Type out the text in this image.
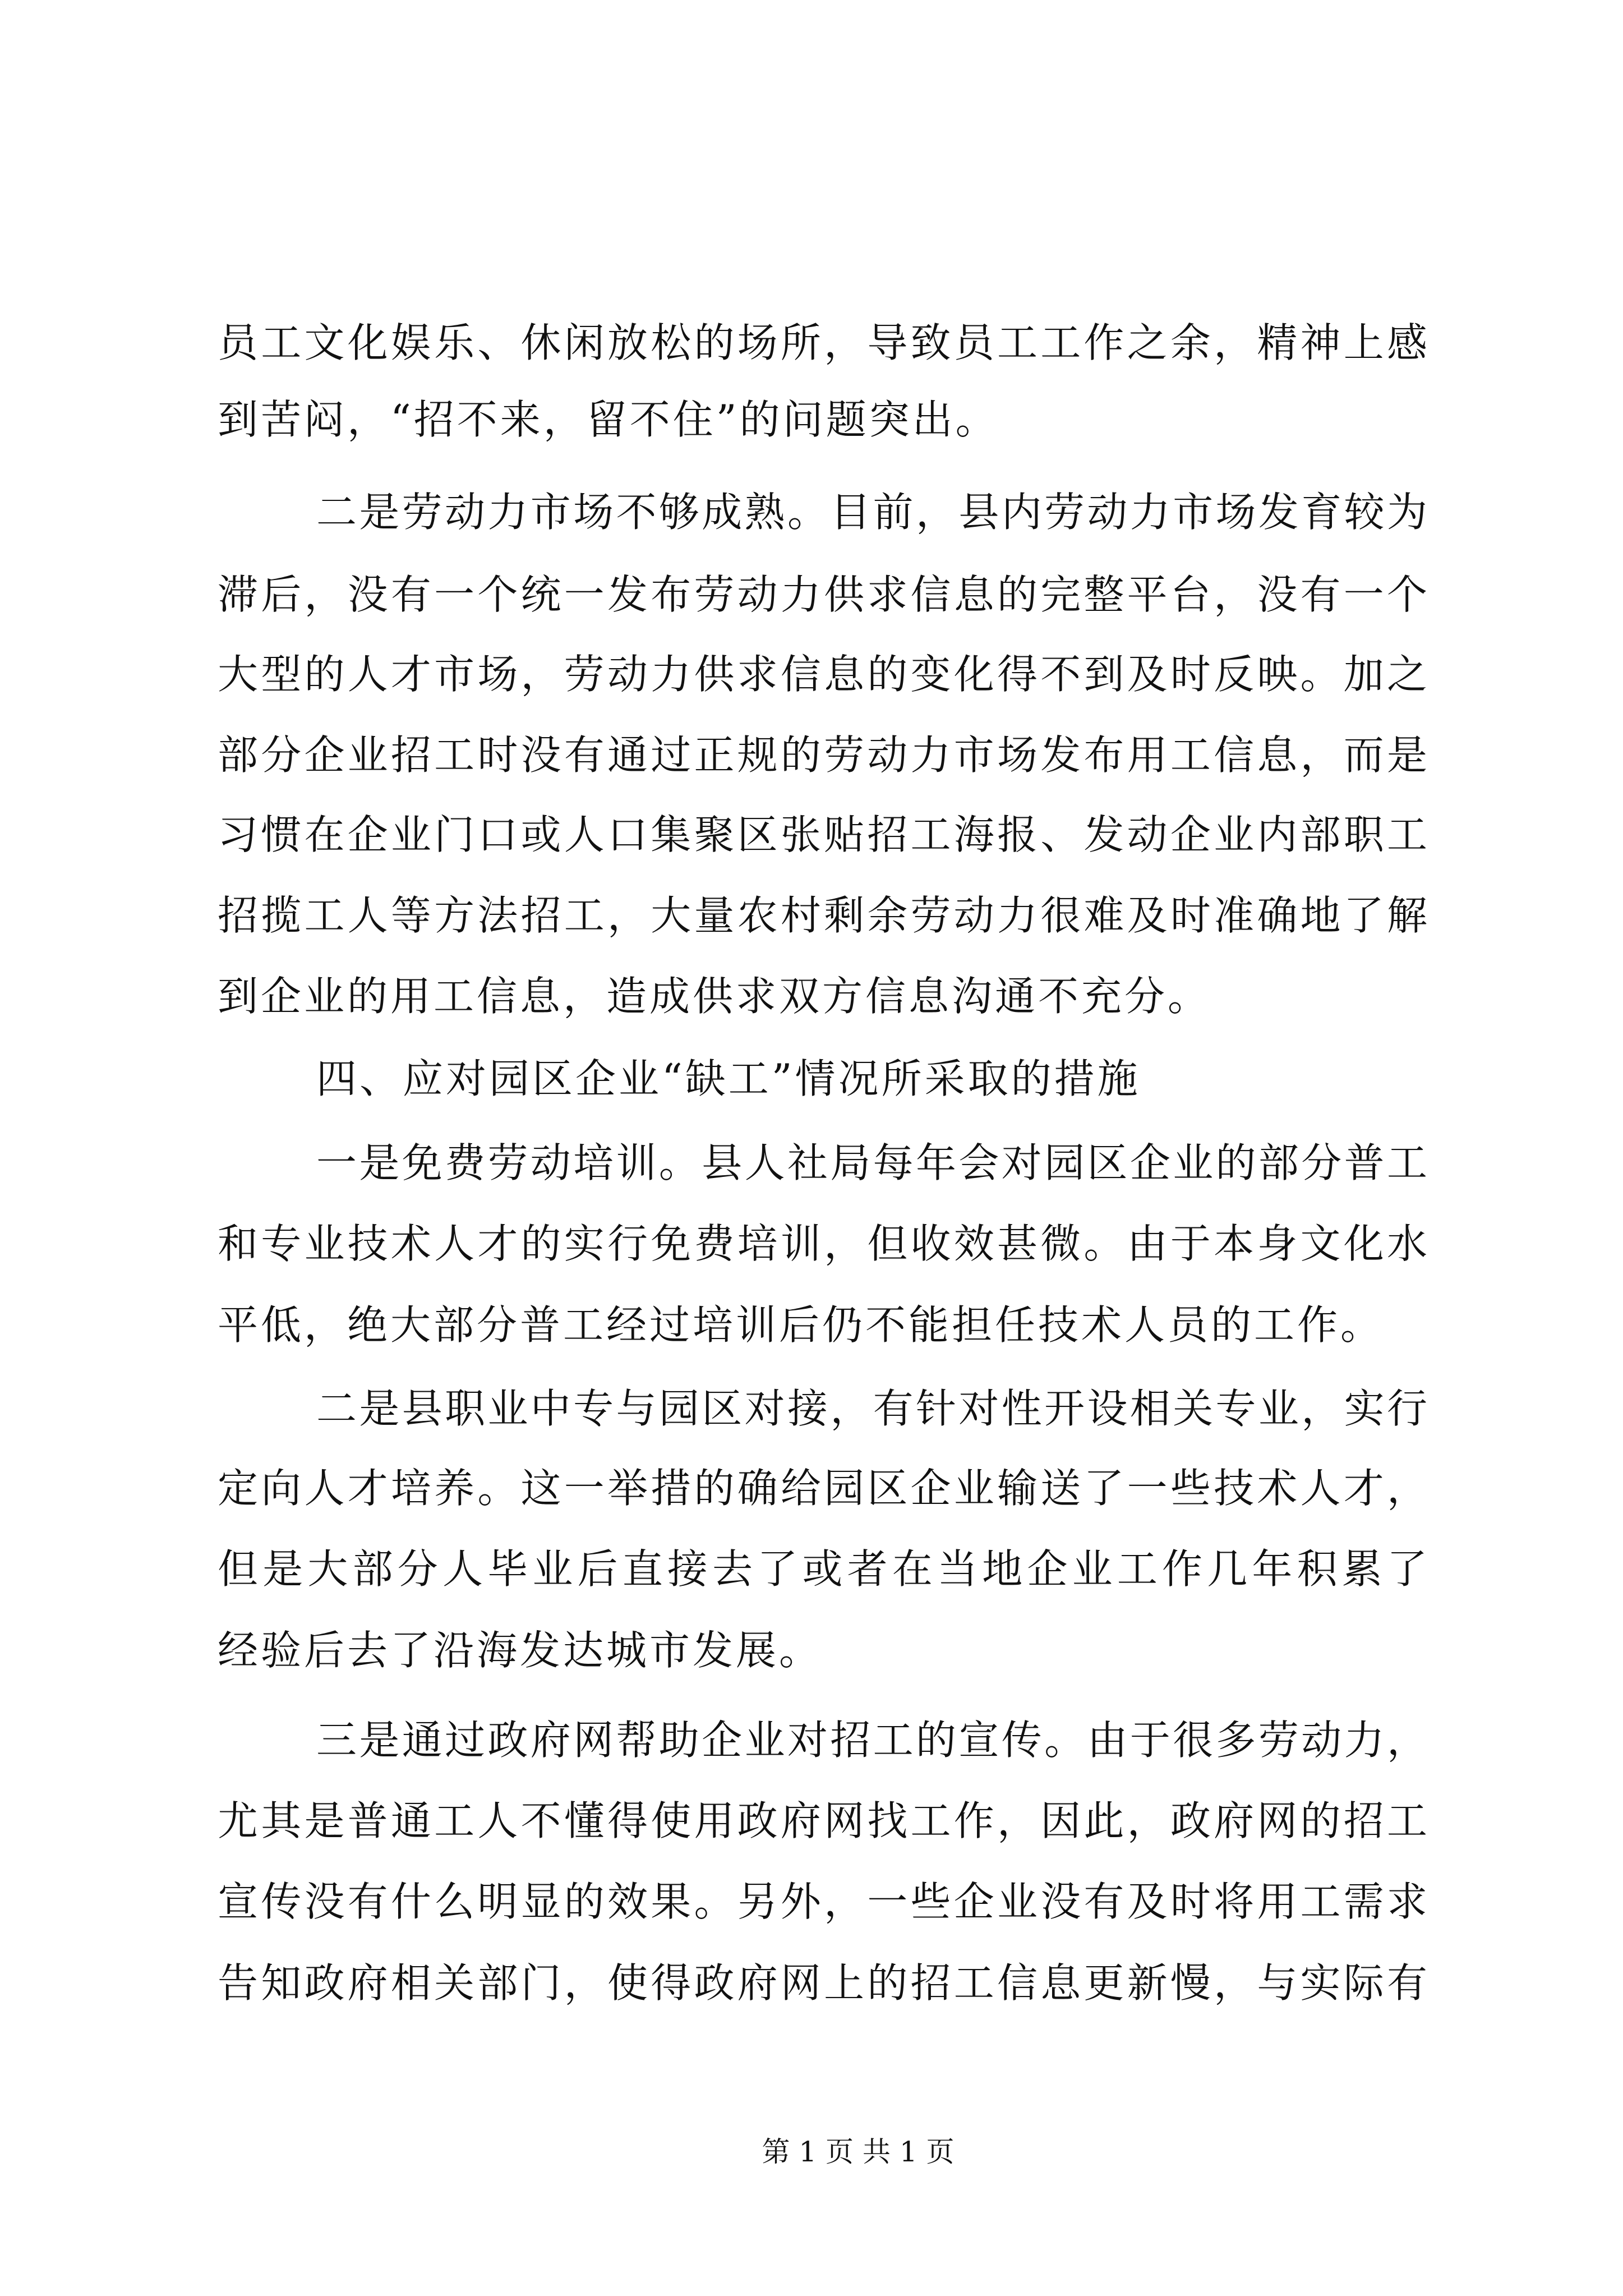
员工文化娱乐、休闲放松的场所，导致员工工作之余，精神上感
到苦闷，“招不来，留不住”的问题突出。
二是劳动力市场不够成熟。目前，县内劳动力市场发育较为
滞后，没有一个统一发布劳动力供求信息的完整平台，没有一个
大型的人才市场，劳动力供求信息的变化得不到及时反映。加之
部分企业招工时没有通过正规的劳动力市场发布用工信息，而是
习惯在企业门口或人口集聚区张贴招工海报、发动企业内部职工
招揽工人等方法招工，大量农村剩余劳动力很难及时准确地了解
到企业的用工信息，造成供求双方信息沟通不充分。
四、应对园区企业“缺工”情况所采取的措施
一是免费劳动培训。县人社局每年会对园区企业的部分普工
和专业技术人才的实行免费培训，但收效甚微。由于本身文化水
平低，绝大部分普工经过培训后仍不能担任技术人员的工作。
二是县职业中专与园区对接，有针对性开设相关专业，实行
定向人才培养。这一举措的确给园区企业输送了一些技术人才，
但是大部分人毕业后直接去了或者在当地企业工作几年积累了
经验后去了沿海发达城市发展。
三是通过政府网帮助企业对招工的宣传。由于很多劳动力，
尤其是普通工人不懂得使用政府网找工作，因此，政府网的招工
宣传没有什么明显的效果。另外，一些企业没有及时将用工需求
告知政府相关部门，使得政府网上的招工信息更新慢，与实际有
第 1 页 共 1 页
